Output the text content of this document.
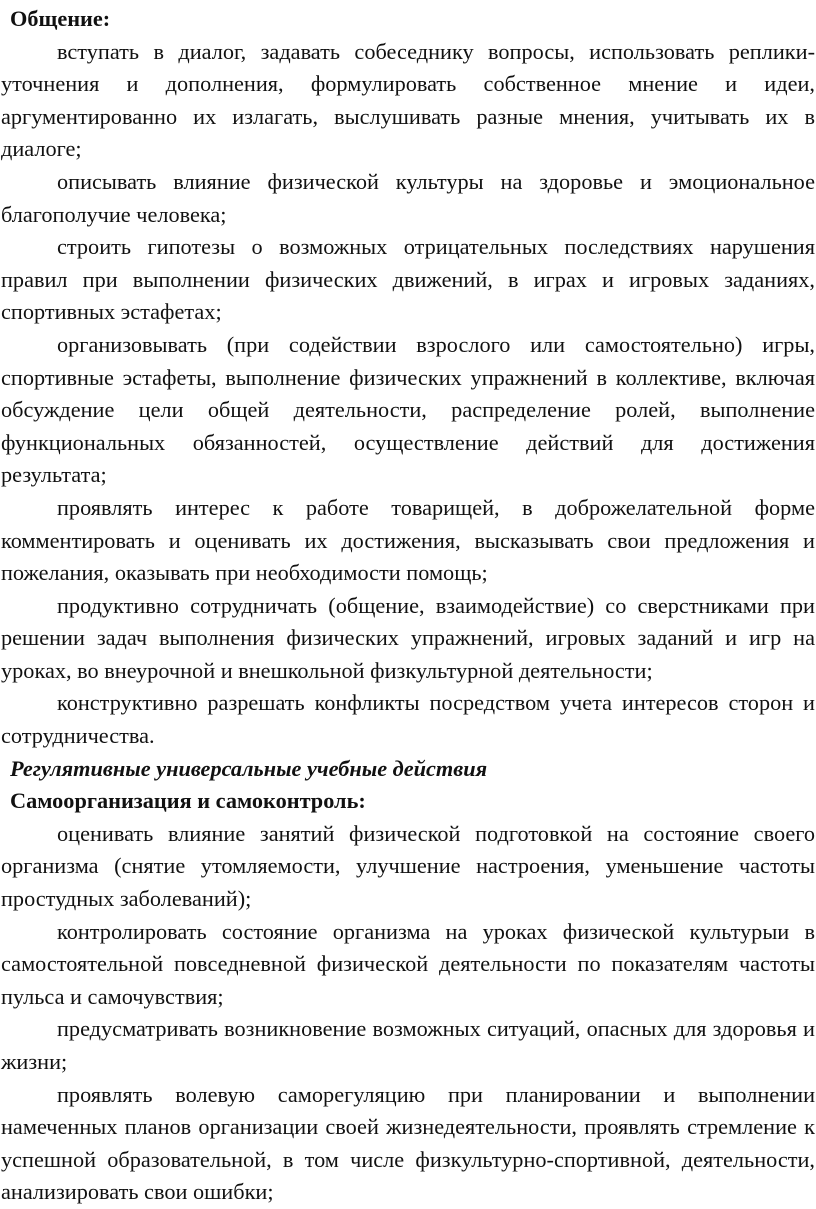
Общение:

вступать в диалог, задавать собеседнику вопросы, использовать реплики-уточнения и дополнения, формулировать собственное мнение и идеи, аргументированно их излагать, выслушивать разные мнения, учитывать их в диалоге;

описывать влияние физической культуры на здоровье и эмоциональное благополучие человека;

строить гипотезы о возможных отрицательных последствиях нарушения правил при выполнении физических движений, в играх и игровых заданиях, спортивных эстафетах;

организовывать (при содействии взрослого или самостоятельно) игры, спортивные эстафеты, выполнение физических упражнений в коллективе, включая обсуждение цели общей деятельности, распределение ролей, выполнение функциональных обязанностей, осуществление действий для достижения результата;

проявлять интерес к работе товарищей, в доброжелательной форме комментировать и оценивать их достижения, высказывать свои предложения и пожелания, оказывать при необходимости помощь;

продуктивно сотрудничать (общение, взаимодействие) со сверстниками при решении задач выполнения физических упражнений, игровых заданий и игр на уроках, во внеурочной и внешкольной физкультурной деятельности;

конструктивно разрешать конфликты посредством учета интересов сторон и сотрудничества.

Регулятивные универсальные учебные действия

Самоорганизация и самоконтроль:

оценивать влияние занятий физической подготовкой на состояние своего организма (снятие утомляемости, улучшение настроения, уменьшение частоты простудных заболеваний);

контролировать состояние организма на уроках физической культурыи в самостоятельной повседневной физической деятельности по показателям частоты пульса и самочувствия;

предусматривать возникновение возможных ситуаций, опасных для здоровья и жизни;

проявлять волевую саморегуляцию при планировании и выполнении намеченных планов организации своей жизнедеятельности, проявлять стремление к успешной образовательной, в том числе физкультурно-спортивной, деятельности, анализировать свои ошибки;
